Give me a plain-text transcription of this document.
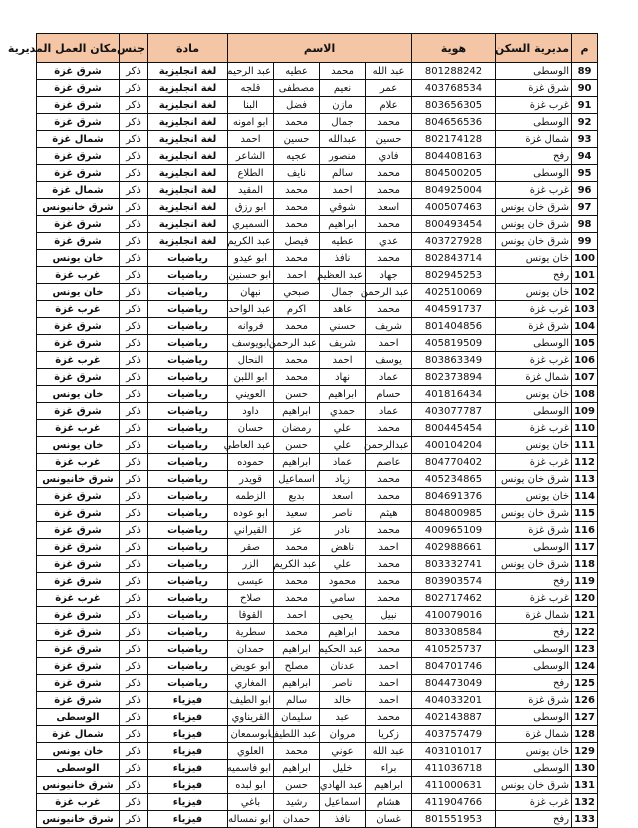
م	مديرية السكن	هوية	الاسم				مادة	جنس	مكان العمل المديرية
89	الوسطى	801288242	عبد الله	محمد	عطيه	عبد الرحيم	لغة انجليزية	ذكر	شرق غزة
90	شرق غزة	403768534	عمر	نعيم	مصطفى	قلجه	لغة انجليزية	ذكر	شرق غزة
91	غرب غزة	803656305	علام	مازن	فضل	البنا	لغة انجليزية	ذكر	شرق غزة
92	الوسطى	804656536	محمد	جمال	محمد	ابو امونه	لغة انجليزية	ذكر	شرق غزة
93	شمال غزة	802174128	حسين	عبدالله	حسين	احمد	لغة انجليزية	ذكر	شمال غزة
94	رفح	804408163	فادي	منصور	عجيه	الشاعر	لغة انجليزية	ذكر	شرق غزة
95	الوسطى	804500205	محمد	سالم	نايف	الطلاع	لغة انجليزية	ذكر	شرق غزة
96	غرب غزة	804925004	محمد	احمد	محمد	المقيد	لغة انجليزية	ذكر	شمال غزة
97	شرق خان يونس	400507463	اسعد	شوقي	محمد	ابو رزق	لغة انجليزية	ذكر	شرق خانيونس
98	شرق خان يونس	800493454	محمد	ابراهيم	محمد	السميري	لغة انجليزية	ذكر	شرق غزة
99	شرق خان يونس	403727928	عدي	عطيه	فيصل	عبد الكريم	لغة انجليزية	ذكر	شرق غزة
100	خان يونس	802843714	محمد	نافذ	محمد	ابو عيدو	رياضيات	ذكر	خان يونس
101	رفح	802945253	جهاد	عبد العظيم	احمد	ابو حسنين	رياضيات	ذكر	غرب غزة
102	خان يونس	402510069	عبد الرحمن	جمال	صبحي	نبهان	رياضيات	ذكر	خان يونس
103	غرب غزة	404591737	محمد	عاهد	اكرم	عبد الواحد	رياضيات	ذكر	غرب غزة
104	شرق غزة	801404856	شريف	حسني	محمد	فروانه	رياضيات	ذكر	شرق غزة
105	الوسطى	405819509	احمد	شريف	عبد الرحمن	ابويوسف	رياضيات	ذكر	شرق غزة
106	غرب غزة	803863349	يوسف	احمد	محمد	النحال	رياضيات	ذكر	غرب غزة
107	شمال غزة	802373894	عماد	نهاد	محمد	ابو اللبن	رياضيات	ذكر	شرق غزة
108	خان يونس	401816434	حسام	ابراهيم	حسن	العويني	رياضيات	ذكر	خان يونس
109	الوسطى	403077787	عماد	حمدي	ابراهيم	داود	رياضيات	ذكر	شرق غزة
110	غرب غزة	800445454	محمد	علي	رمضان	حسان	رياضيات	ذكر	غرب غزة
111	خان يونس	400104204	عبدالرحمن	علي	حسن	عبد العاطي	رياضيات	ذكر	خان يونس
112	غرب غزة	804770402	عاصم	عماد	ابراهيم	حموده	رياضيات	ذكر	غرب غزة
113	شرق خان يونس	405234865	محمد	زياد	اسماعيل	قويدر	رياضيات	ذكر	شرق خانيونس
114	خان يونس	804691376	محمد	اسعد	بديع	الزطمه	رياضيات	ذكر	شرق غزة
115	شرق خان يونس	804800985	هيثم	ناصر	سعيد	ابو عوده	رياضيات	ذكر	شرق غزة
116	شرق غزة	400965109	محمد	نادر	عز	القيراني	رياضيات	ذكر	شرق غزة
117	الوسطى	402988661	احمد	ناهض	محمد	صقر	رياضيات	ذكر	شرق غزة
118	شرق خان يونس	803332741	محمد	علي	عبد الكريم	الزر	رياضيات	ذكر	شرق غزة
119	رفح	803903574	محمد	محمود	محمد	عيسى	رياضيات	ذكر	شرق غزة
120	غرب غزة	802717462	محمد	سامي	محمد	صلاح	رياضيات	ذكر	غرب غزة
121	شمال غزة	410079016	نبيل	يحيى	احمد	القوقا	رياضيات	ذكر	شرق غزة
122	رفح	803308584	محمد	ابراهيم	محمد	سطرية	رياضيات	ذكر	شرق غزة
123	الوسطى	410525737	محمد	عبد الحكيم	ابراهيم	حمدان	رياضيات	ذكر	شرق غزة
124	الوسطى	804701746	احمد	عدنان	مصلح	ابو عويض	رياضيات	ذكر	شرق غزة
125	رفح	804473049	احمد	ناصر	ابراهيم	المغاري	رياضيات	ذكر	شرق غزة
126	شرق غزة	404033201	احمد	خالد	سالم	ابو الطيف	فيزياء	ذكر	شرق غزة
127	الوسطى	402143887	محمد	عبد	سليمان	القريناوي	فيزياء	ذكر	الوسطى
128	شمال غزة	403757479	زكريا	مروان	عبد اللطيف	ابوسمعان	فيزياء	ذكر	شمال غزة
129	خان يونس	403101017	عبد الله	عوني	محمد	العلوي	فيزياء	ذكر	خان يونس
130	الوسطى	411036718	براء	خليل	ابراهيم	ابو فاسميه	فيزياء	ذكر	الوسطى
131	شرق خان يونس	411000631	ابراهيم	عبد الهادي	حسن	ابو لبده	فيزياء	ذكر	شرق خانيونس
132	غرب غزة	411904766	هشام	اسماعيل	رشيد	باغي	فيزياء	ذكر	غرب غزة
133	رفح	801551953	غسان	نافذ	حمدان	ابو نمساله	فيزياء	ذكر	شرق خانيونس
